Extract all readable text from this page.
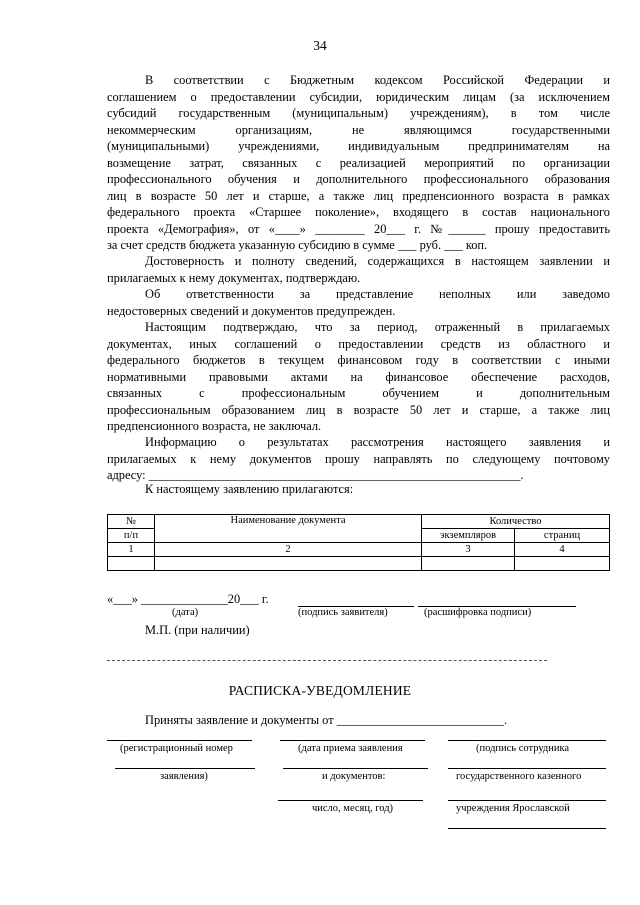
34
В соответствии с Бюджетным кодексом Российской Федерации и
соглашением о предоставлении субсидии, юридическим лицам (за исключением
субсидий государственным (муниципальным) учреждениям), в том числе
некоммерческим организациям, не являющимся государственными
(муниципальными) учреждениями, индивидуальным предпринимателям на
возмещение затрат, связанных с реализацией мероприятий по организации
профессионального обучения и дополнительного профессионального образования
лиц в возрасте 50 лет и старше, а также лиц предпенсионного возраста в рамках
федерального проекта «Старшее поколение», входящего в состав национального
проекта «Демография», от «____» ________ 20___ г. №______ прошу предоставить
за счет средств бюджета указанную субсидию в сумме ___ руб. ___ коп.
Достоверность и полноту сведений, содержащихся в настоящем заявлении и
прилагаемых к нему документах, подтверждаю.
Об ответственности за представление неполных или заведомо
недостоверных сведений и документов предупрежден.
Настоящим подтверждаю, что за период, отраженный в прилагаемых
документах, иных соглашений о предоставлении средств из областного и
федерального бюджетов в текущем финансовом году в соответствии с иными
нормативными правовыми актами на финансовое обеспечение расходов,
связанных с профессиональным обучением и дополнительным
профессиональным образованием лиц в возрасте 50 лет и старше, а также лиц
предпенсионного возраста, не заключал.
Информацию о результатах рассмотрения настоящего заявления и
прилагаемых к нему документов прошу направлять по следующему почтовому
адресу: ____________________________________________________________.
К настоящему заявлению прилагаются:
№	Наименование документа	Количество	
п/п		экземпляров	страниц
1	2	3	4

«___» ______________20___ г.
(дата)	(подпись заявителя)	(расшифровка подписи)
М.П. (при наличии)
РАСПИСКА-УВЕДОМЛЕНИЕ
Приняты заявление и документы от ___________________________.
(регистрационный номер	(дата приема заявления	(подпись сотрудника
заявления)	и документов:	государственного казенного
число, месяц, год)	учреждения Ярославской
